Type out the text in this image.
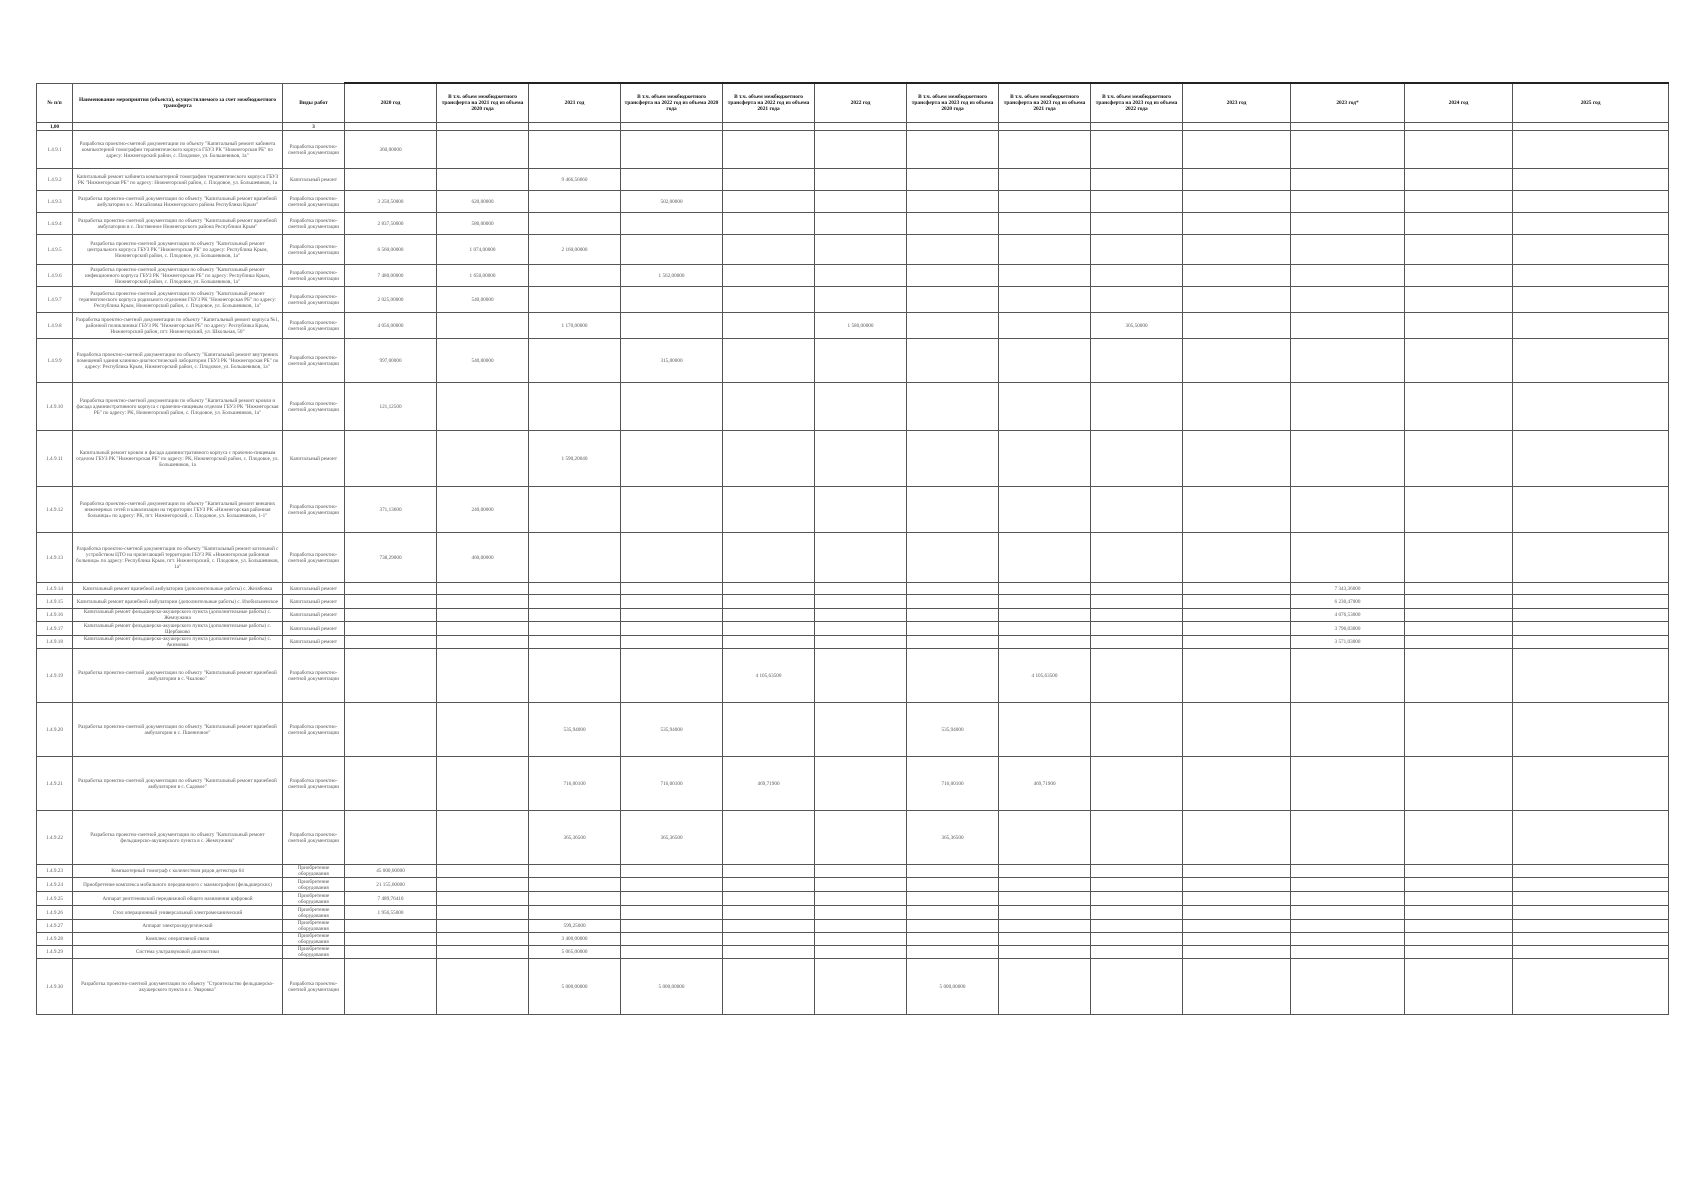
№ п/п	Наименование мероприятия (объекта), осуществляемого за счет межбюджетного трансферта	Виды работ	2020 год	В т.ч. объем межбюджетного трансферта на 2021 год из объема 2020 года	2021 год	В т.ч. объем межбюджетного трансферта на 2022 год из объема 2020 года	В т.ч. объем межбюджетного трансферта на 2022 год из объема 2021 года	2022 год	В т.ч. объем межбюджетного трансферта на 2023 год из объема 2020 года	В т.ч. объем межбюджетного трансферта на 2023 год из объема 2021 года	В т.ч. объем межбюджетного трансферта на 2023 год из объема 2022 года	2023 год	2023 год*	2024 год	2025 год
1,00		3													
1.4.9.1	Разработка проектно-сметной документации по объекту "Капитальный ремонт кабинета компьютерной томографии терапевтического корпуса ГБУЗ РК "Нижнегорская РБ" по адресу: Нижнегорский район, с. Плодовое, ул. Большевиков, 1а"	Разработка проектно-сметной документации	360,00000												
1.4.9.2	Капитальный ремонт кабинета компьютерной томографии терапевтического корпуса ГБУЗ РК "Нижнегорская РБ" по адресу: Нижнегорский район, с. Плодовое, ул. Большевиков, 1а	Капитальный ремонт			9 466,56660										
1.4.9.3	Разработка проектно-сметной документации по объекту "Капитальный ремонт врачебной амбулатории в с. Михайловка Нижнегорского района Республики Крым"	Разработка проектно-сметной документации	3 250,50000	620,00000		502,00000									
1.4.9.4	Разработка проектно-сметной документации по объекту "Капитальный ремонт врачебной амбулатории в с. Лиственное Нижнегорского района Республики Крым"	Разработка проектно-сметной документации	2 837,50000	580,00000											
1.4.9.5	Разработка проектно-сметной документации по объекту "Капитальный ремонт центрального корпуса ГБУЗ РК "Нижнегорская РБ" по адресу: Республика Крым, Нижнегорский район, с. Плодовое, ул. Большевиков, 1а"	Разработка проектно-сметной документации	6 560,00000	1 074,00000	2 160,00000										
1.4.9.6	Разработка проектно-сметной документации по объекту "Капитальный ремонт инфекционного корпуса ГБУЗ РК "Нижнегорская РБ" по адресу: Республика Крым, Нижнегорский район, с. Плодовое, ул. Большевиков, 1а"	Разработка проектно-сметной документации	7 480,00000	1 650,00000		1 562,00000									
1.4.9.7	Разработка проектно-сметной документации по объекту "Капитальный ремонт терапевтического корпуса родильного отделения ГБУЗ РК "Нижнегорская РБ" по адресу: Республика Крым, Нижнегорский район, с. Плодовое, ул. Большевиков, 1а"	Разработка проектно-сметной документации	2 025,00000	540,00000											
1.4.9.8	Разработка проектно-сметной документации по объекту "Капитальный ремонт корпуса №1, районной поликлиники ГБУЗ РК "Нижнегорская РБ" по адресу: Республика Крым, Нижнегорский район, пгт. Нижнегорский, ул. Школьная, 50"	Разработка проектно-сметной документации	4 056,00000		1 170,00000			1 580,00000			305,50000				
1.4.9.9	Разработка проектно-сметной документации по объекту "Капитальный ремонт внутренних помещений здания клинико-диагностической лаборатории ГБУЗ РК "Нижнегорская РБ" по адресу: Республика Крым, Нижнегорский район, с. Плодовое, ул. Большевиков, 1а"	Разработка проектно-сметной документации	997,00000	540,00000		315,00000									
1.4.9.10	Разработка проектно-сметной документации по объекту "Капитальный ремонт кровли и фасада административного корпуса с прачечно-пищевым отделом ГБУЗ РК "Нижнегорская РБ" по адресу: РК, Нижнегорский район, с. Плодовое, ул. Большевиков, 1а"	Разработка проектно-сметной документации	121,12500												
1.4.9.11	Капитальный ремонт кровли и фасада административного корпуса с прачечно-пищевым отделом ГБУЗ РК "Нижнегорская РБ" по адресу: РК, Нижнегорский район, с. Плодовое, ул. Большевиков, 1а	Капитальный ремонт			1 590,20040										
1.4.9.12	Разработка проектно-сметной документации по объекту "Капитальный ремонт внешних инженерных сетей и канализации на территории ГБУЗ РК «Нижнегорская районная больница» по адресу: РК, пгт. Нижнегорский, с. Плодовое, ул. Большевиков, 1-1"	Разработка проектно-сметной документации	371,13600	240,00000											
1.4.9.13	Разработка проектно-сметной документации по объекту "Капитальный ремонт котельной с устройством ЦТО на прилегающей территории ГБУЗ РК «Нижнегорская районная больница» по адресу: Республика Крым, пгт. Нижнегорский, с. Плодовое, ул. Большевиков, 1а"	Разработка проектно-сметной документации	738,29000	460,00000											
1.4.9.14	Капитальный ремонт врачебной амбулатории (дополнительные работы) с. Желябовка	Капитальный ремонт											7 343,36000		
1.4.9.15	Капитальный ремонт врачебной амбулатории (дополнительные работы) с. Изобильненское	Капитальный ремонт											6 230,47000		
1.4.9.16	Капитальный ремонт фельдшерско-акушерского пункта (дополнительные работы) с. Жемчужина	Капитальный ремонт											4 076,53000		
1.4.9.17	Капитальный ремонт фельдшерско-акушерского пункта (дополнительные работы) с. Щербаково	Капитальный ремонт											3 796,03000		
1.4.9.18	Капитальный ремонт фельдшерско-акушерского пункта (дополнительные работы) с. Акимовка	Капитальный ремонт											3 571,03000		
1.4.9.19	Разработка проектно-сметной документации по объекту "Капитальный ремонт врачебной амбулатории в с. Чкалово"	Разработка проектно-сметной документации					4 105,63500			4 105,63500					
1.4.9.20	Разработка проектно-сметной документации по объекту "Капитальный ремонт врачебной амбулатории в с. Пшеничное"	Разработка проектно-сметной документации			535,94000	535,94000			535,94000						
1.4.9.21	Разработка проектно-сметной документации по объекту "Капитальный ремонт врачебной амбулатории в с. Садовое"	Разработка проектно-сметной документации			716,00100	716,00100	469,71900		716,00100	469,71900					
1.4.9.22	Разработка проектно-сметной документации по объекту "Капитальный ремонт фельдшерско-акушерского пункта в с. Жемчужина"	Разработка проектно-сметной документации			365,36500	365,36500			365,36500						
1.4.9.23	Компьютерный томограф с количеством рядов детектора 64	Приобретение оборудования	45 000,00000												
1.4.9.24	Приобретение комплекса мобильного передвижного с маммографом (фельдшерских)	Приобретение оборудования	21 155,00000												
1.4.9.25	Аппарат рентгеновский передвижной общего назначения цифровой	Приобретение оборудования	7 489,76410												
1.4.9.26	Стол операционный универсальный электромеханический	Приобретение оборудования	1 956,55000												
1.4.9.27	Аппарат электрохирургический	Приобретение оборудования			599,25000										
1.4.9.28	Комплекс оперативной связи	Приобретение оборудования			3 400,00000										
1.4.9.29	Система ультразвуковой диагностики	Приобретение оборудования			5 065,00000										
1.4.9.30	Разработка проектно-сметной документации по объекту "Строительство фельдшерско-акушерского пункта в с. Уваровка"	Разработка проектно-сметной документации			5 000,00000	5 000,00000			5 000,00000						
